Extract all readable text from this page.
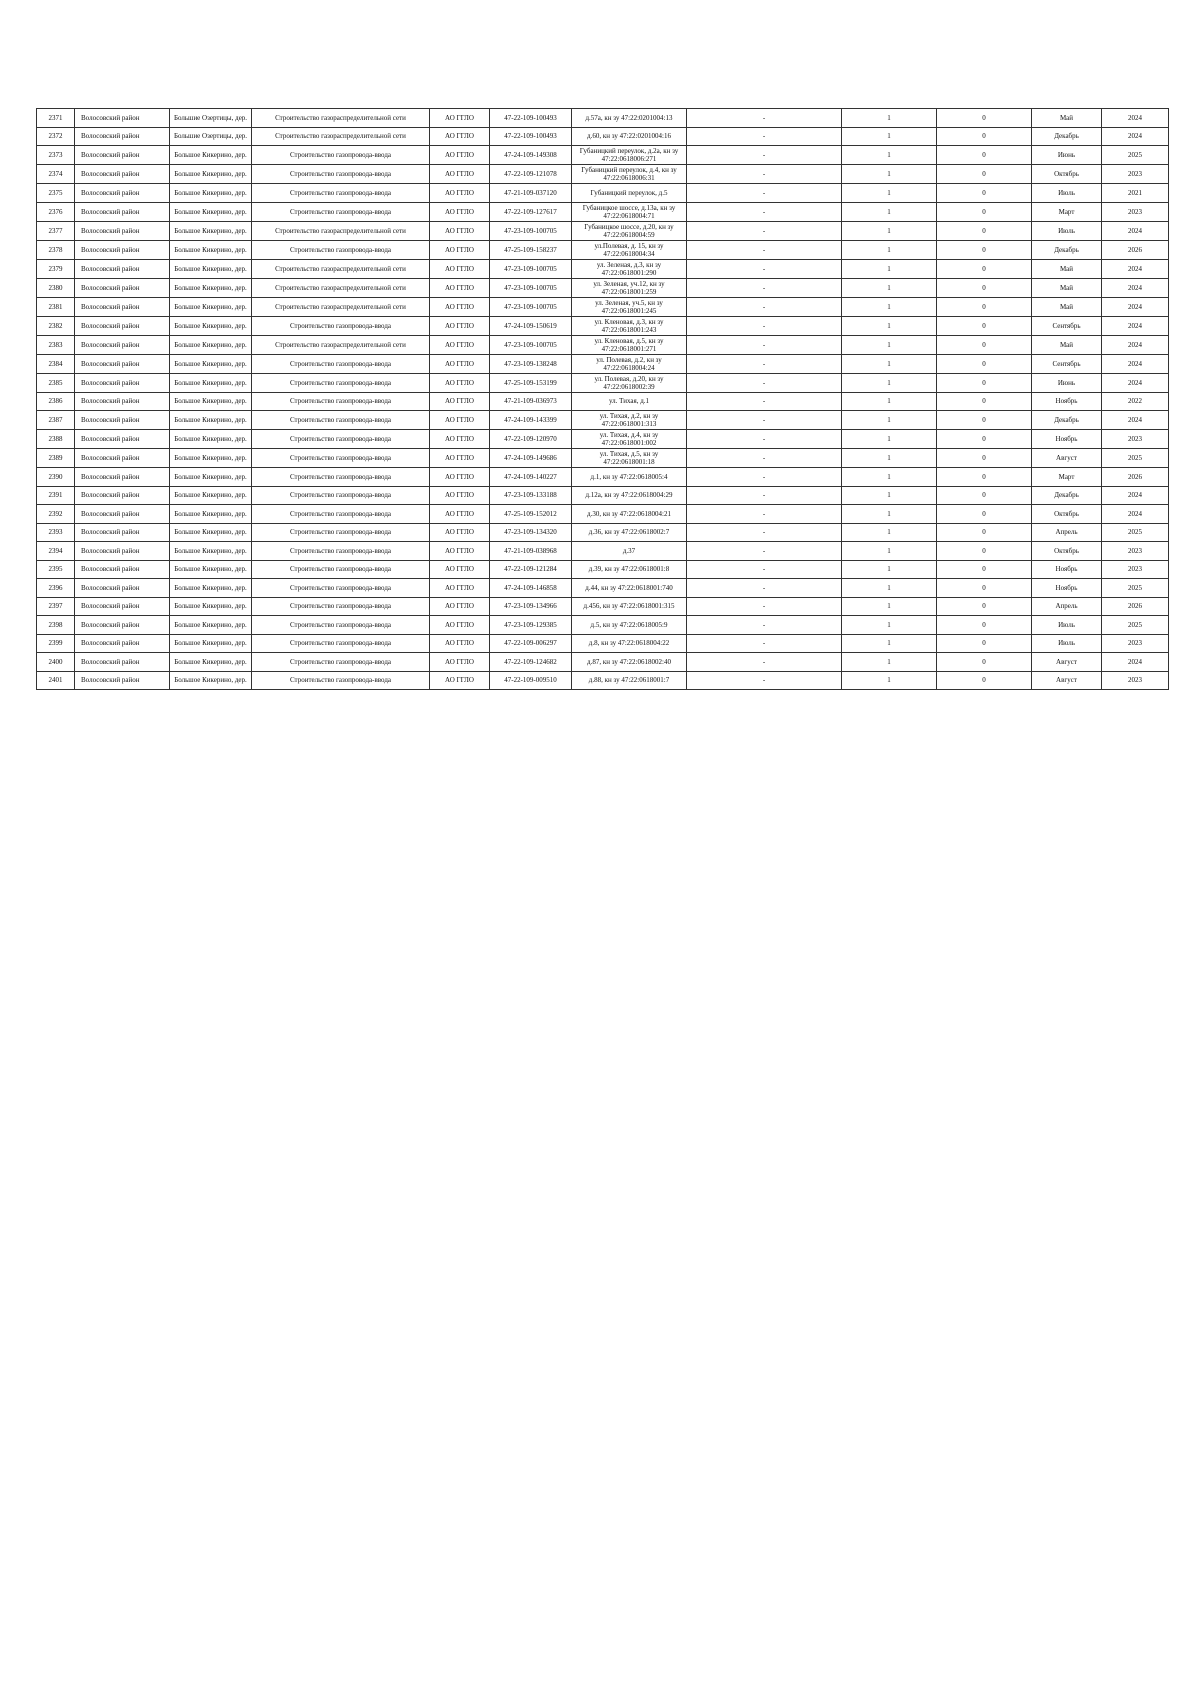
2371	Волосовский район	Большие Озертицы, дер.	Строительство газораспределительной сети	АО ГГЛО	47-22-109-100493	д.57а, кн зу 47:22:0201004:13	-	1	0	Май	2024
2372	Волосовский район	Большие Озертицы, дер.	Строительство газораспределительной сети	АО ГГЛО	47-22-109-100493	д.60, кн зу 47:22:0201004:16	-	1	0	Декабрь	2024
2373	Волосовский район	Большое Кикерино, дер.	Строительство газопровода-ввода	АО ГГЛО	47-24-109-149308	Губаницкий переулок, д.2а, кн зу 47:22:0618006:271	-	1	0	Июнь	2025
2374	Волосовский район	Большое Кикерино, дер.	Строительство газопровода-ввода	АО ГГЛО	47-22-109-121078	Губаницкий переулок, д.4, кн зу 47:22:0618006:31	-	1	0	Октябрь	2023
2375	Волосовский район	Большое Кикерино, дер.	Строительство газопровода-ввода	АО ГГЛО	47-21-109-037120	Губаницкий переулок, д.5	-	1	0	Июль	2021
2376	Волосовский район	Большое Кикерино, дер.	Строительство газопровода-ввода	АО ГГЛО	47-22-109-127617	Губаницкое шоссе, д.13а, кн зу 47:22:0618004:71	-	1	0	Март	2023
2377	Волосовский район	Большое Кикерино, дер.	Строительство газораспределительной сети	АО ГГЛО	47-23-109-100705	Губаницкое шоссе, д.20, кн зу 47:22:0618004:59	-	1	0	Июль	2024
2378	Волосовский район	Большое Кикерино, дер.	Строительство газопровода-ввода	АО ГГЛО	47-25-109-158237	ул.Полевая, д. 15, кн зу 47:22:0618004:34	-	1	0	Декабрь	2026
2379	Волосовский район	Большое Кикерино, дер.	Строительство газораспределительной сети	АО ГГЛО	47-23-109-100705	ул. Зеленая, д.3, кн зу 47:22:0618001:290	-	1	0	Май	2024
2380	Волосовский район	Большое Кикерино, дер.	Строительство газораспределительной сети	АО ГГЛО	47-23-109-100705	ул. Зеленая, уч.12, кн зу 47:22:0618001:259	-	1	0	Май	2024
2381	Волосовский район	Большое Кикерино, дер.	Строительство газораспределительной сети	АО ГГЛО	47-23-109-100705	ул. Зеленая, уч.5, кн зу 47:22:0618001:245	-	1	0	Май	2024
2382	Волосовский район	Большое Кикерино, дер.	Строительство газопровода-ввода	АО ГГЛО	47-24-109-150619	ул. Кленовая, д.3, кн зу 47:22:0618001:243	-	1	0	Сентябрь	2024
2383	Волосовский район	Большое Кикерино, дер.	Строительство газораспределительной сети	АО ГГЛО	47-23-109-100705	ул. Кленовая, д.5, кн зу 47:22:0618001:271	-	1	0	Май	2024
2384	Волосовский район	Большое Кикерино, дер.	Строительство газопровода-ввода	АО ГГЛО	47-23-109-138248	ул. Полевая, д.2, кн зу 47:22:0618004:24	-	1	0	Сентябрь	2024
2385	Волосовский район	Большое Кикерино, дер.	Строительство газопровода-ввода	АО ГГЛО	47-25-109-153199	ул. Полевая, д.20, кн зу 47:22:0618002:39	-	1	0	Июнь	2024
2386	Волосовский район	Большое Кикерино, дер.	Строительство газопровода-ввода	АО ГГЛО	47-21-109-036973	ул. Тихая, д.1	-	1	0	Ноябрь	2022
2387	Волосовский район	Большое Кикерино, дер.	Строительство газопровода-ввода	АО ГГЛО	47-24-109-143399	ул. Тихая, д.2, кн зу 47:22:0618001:313	-	1	0	Декабрь	2024
2388	Волосовский район	Большое Кикерино, дер.	Строительство газопровода-ввода	АО ГГЛО	47-22-109-120970	ул. Тихая, д.4, кн зу 47:22:0618001:002	-	1	0	Ноябрь	2023
2389	Волосовский район	Большое Кикерино, дер.	Строительство газопровода-ввода	АО ГГЛО	47-24-109-149686	ул. Тихая, д.5, кн зу 47:22:0618001:18	-	1	0	Август	2025
2390	Волосовский район	Большое Кикерино, дер.	Строительство газопровода-ввода	АО ГГЛО	47-24-109-140227	д.1, кн зу 47:22:0618005:4	-	1	0	Март	2026
2391	Волосовский район	Большое Кикерино, дер.	Строительство газопровода-ввода	АО ГГЛО	47-23-109-133188	д.12а, кн зу 47:22:0618004:29	-	1	0	Декабрь	2024
2392	Волосовский район	Большое Кикерино, дер.	Строительство газопровода-ввода	АО ГГЛО	47-25-109-152012	д.30, кн зу 47:22:0618004:21	-	1	0	Октябрь	2024
2393	Волосовский район	Большое Кикерино, дер.	Строительство газопровода-ввода	АО ГГЛО	47-23-109-134320	д.36, кн зу 47:22:0618002:7	-	1	0	Апрель	2025
2394	Волосовский район	Большое Кикерино, дер.	Строительство газопровода-ввода	АО ГГЛО	47-21-109-038968	д.37	-	1	0	Октябрь	2023
2395	Волосовский район	Большое Кикерино, дер.	Строительство газопровода-ввода	АО ГГЛО	47-22-109-121284	д.39, кн зу 47:22:0618001:8	-	1	0	Ноябрь	2023
2396	Волосовский район	Большое Кикерино, дер.	Строительство газопровода-ввода	АО ГГЛО	47-24-109-146858	д.44, кн зу 47:22:0618001:740	-	1	0	Ноябрь	2025
2397	Волосовский район	Большое Кикерино, дер.	Строительство газопровода-ввода	АО ГГЛО	47-23-109-134966	д.456, кн зу 47:22:0618001:315	-	1	0	Апрель	2026
2398	Волосовский район	Большое Кикерино, дер.	Строительство газопровода-ввода	АО ГГЛО	47-23-109-129385	д.5, кн зу 47:22:0618005:9	-	1	0	Июль	2025
2399	Волосовский район	Большое Кикерино, дер.	Строительство газопровода-ввода	АО ГГЛО	47-22-109-006297	д.8, кн зу 47:22:0618004:22	-	1	0	Июль	2023
2400	Волосовский район	Большое Кикерино, дер.	Строительство газопровода-ввода	АО ГГЛО	47-22-109-124682	д.87, кн зу 47:22:0618002:40	-	1	0	Август	2024
2401	Волосовский район	Большое Кикерино, дер.	Строительство газопровода-ввода	АО ГГЛО	47-22-109-009510	д.88, кн зу 47:22:0618001:7	-	1	0	Август	2023
